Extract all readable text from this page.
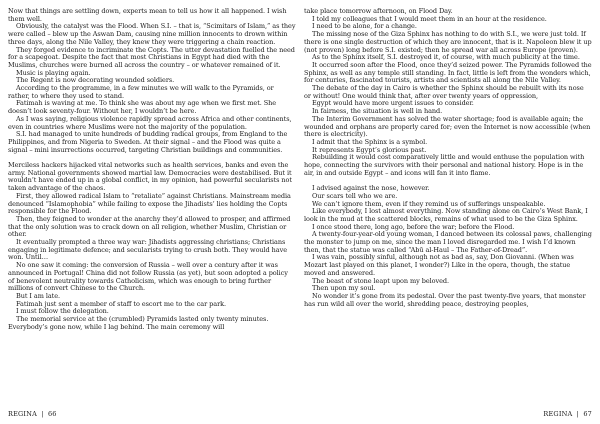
Now that things are settling down, experts mean to tell us how it all happened. I wish them well.

Obviously, the catalyst was the Flood. When S.I. – that is, “Scimitars of Islam,” as they were called – blew up the Aswan Dam, causing nine million innocents to drown within three days, along the Nile Valley, they knew they were triggering a chain reaction.

They forged evidence to incriminate the Copts. The utter devastation fuelled the need for a scapegoat. Despite the fact that most Christians in Egypt had died with the Muslims, churches were burned all across the country – or whatever remained of it.

Music is playing again.

The Regent is now decorating wounded soldiers.

According to the programme, in a few minutes we will walk to the Pyramids, or rather, to where they used to stand.

Fatimah is waving at me. To think she was about my age when we first met. She doesn’t look seventy-four. Without her, I wouldn’t be here.

As I was saying, religious violence rapidly spread across Africa and other continents, even in countries where Muslims were not the majority of the population.

S.I. had managed to unite hundreds of budding radical groups, from England to the Philippines, and from Nigeria to Sweden. At their signal – and the Flood was quite a signal – mini insurrections occurred, targeting Christian buildings and communities.

Merciless hackers hijacked vital networks such as health services, banks and even the army. National governments showed martial law. Democracies were destabilised. But it wouldn’t have ended up in a global conflict, in my opinion, had powerful secularists not taken advantage of the chaos.

First, they allowed radical Islam to “retaliate” against Christians. Mainstream media denounced “Islamophobia” while failing to expose the Jihadists’ lies holding the Copts responsible for the Flood.

Then, they feigned to wonder at the anarchy they’d allowed to prosper, and affirmed that the only solution was to crack down on all religion, whether Muslim, Christian or other.

It eventually prompted a three way war: Jihadists aggressing christians; Christians engaging in legitimate defence; and secularists trying to crush both. They would have won. Until…

No one saw it coming: the conversion of Russia – well over a century after it was announced in Portugal! China did not follow Russia (as yet), but soon adopted a policy of benevolent neutrality towards Catholicism, which was enough to bring further millions of convert Chinese to the Church.

But I am late.

Fatimah just sent a member of staff to escort me to the car park.

I must follow the delegation.

The memorial service at the (crumbled) Pyramids lasted only twenty minutes. Everybody’s gone now, while I lag behind. The main ceremony will

take place tomorrow afternoon, on Flood Day.

I told my colleagues that I would meet them in an hour at the residence.

I need to be alone, for a change.

The missing nose of the Giza Sphinx has nothing to do with S.I., we were just told. If there is one single destruction of which they are innocent, that is it. Napoleon blew it up (not proven) long before S.I. existed; then he spread war all across Europe (proven).

As to the Sphinx itself, S.I. destroyed it, of course, with much publicity at the time.

It occurred soon after the Flood, once they’d seized power. The Pyramids followed the Sphinx, as well as any temple still standing. In fact, little is left from the wonders which, for centuries, fascinated tourists, artists and scientists all along the Nile Valley.

The debate of the day in Cairo is whether the Sphinx should be rebuilt with its nose or without! One would think that, after over twenty years of oppression,

Egypt would have more urgent issues to consider.

In fairness, the situation is well in hand.

The Interim Government has solved the water shortage; food is available again; the wounded and orphans are properly cared for; even the Internet is now accessible (when there is electricity).

I admit that the Sphinx is a symbol.

It represents Egypt’s glorious past.

Rebuilding it would cost comparatively little and would enthuse the population with hope, connecting the survivors with their personal and national history. Hope is in the air, in and outside Egypt – and icons will fan it into flame.

I advised against the nose, however.

Our scars tell who we are.

We can’t ignore them, even if they remind us of sufferings unspeakable.

Like everybody, I lost almost everything. Now standing alone on Cairo’s West Bank, I look in the mud at the scattered blocks, remains of what used to be the Giza Sphinx.

I once stood there, long ago, before the war; before the Flood.

A twenty-four-year-old young woman, I danced between its colossal paws, challenging the monster to jump on me, since the man I loved disregarded me. I wish I’d known then, that the statue was called “Abū al-Haul – The Father-of-Dread”.

I was vain, possibly sinful, although not as bad as, say, Don Giovanni. (When was Mozart last played on this planet, I wonder?) Like in the opera, though, the statue moved and answered.

The beast of stone leapt upon my beloved.

Then upon my soul.

No wonder it’s gone from its pedestal. Over the past twenty-five years, that monster has run wild all over the world, shredding peace, destroying peoples,

REGINA | 66	REGINA | 67
